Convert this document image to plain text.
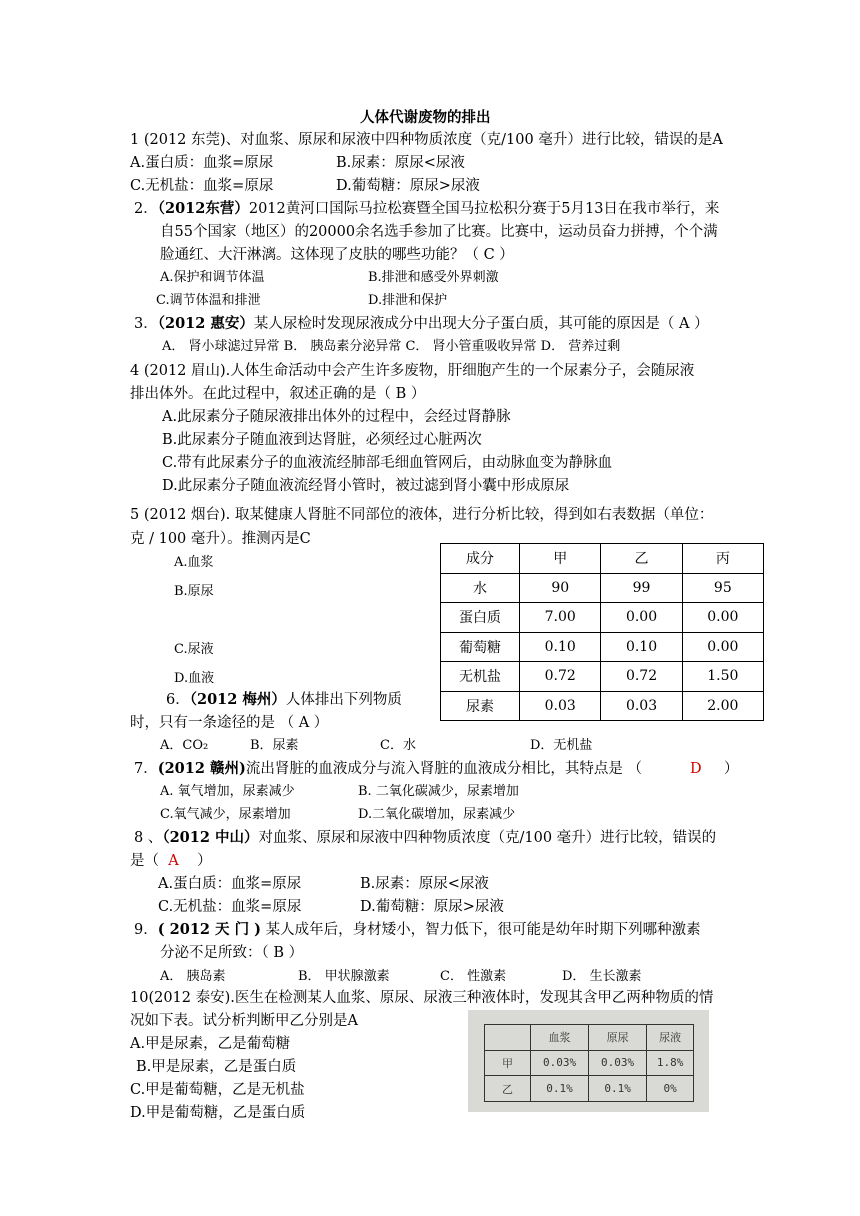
人体代谢废物的排出
1 (2012 东莞)、对血浆、原尿和尿液中四种物质浓度（克/100 毫升）进行比较，错误的是A
A.蛋白质：血浆=原尿	B.尿素：原尿<尿液
C.无机盐：血浆=原尿	D.葡萄糖：原尿>尿液
2．（2012东营）2012黄河口国际马拉松赛暨全国马拉松积分赛于5月13日在我市举行，来
自55个国家（地区）的20000余名选手参加了比赛。比赛中，运动员奋力拼搏，个个满
脸通红、大汗淋漓。这体现了皮肤的哪些功能？（ C ）
A.保护和调节体温	B.排泄和感受外界刺激
C.调节体温和排泄	D.排泄和保护
3．（2012 惠安）某人尿检时发现尿液成分中出现大分子蛋白质，其可能的原因是（ A ）
A． 肾小球滤过异常 B． 胰岛素分泌异常 C． 肾小管重吸收异常 D． 营养过剩
4 (2012 眉山).人体生命活动中会产生许多废物，肝细胞产生的一个尿素分子，会随尿液
排出体外。在此过程中，叙述正确的是（ B ）
A.此尿素分子随尿液排出体外的过程中，会经过肾静脉
B.此尿素分子随血液到达肾脏，必须经过心脏两次
C.带有此尿素分子的血液流经肺部毛细血管网后，由动脉血变为静脉血
D.此尿素分子随血液流经肾小管时，被过滤到肾小囊中形成原尿
5 (2012 烟台). 取某健康人肾脏不同部位的液体，进行分析比较，得到如右表数据（单位：
克 / 100 毫升）。推测丙是C
A.血浆
B.原尿
C.尿液
D.血液
成分	甲	乙	丙
水	90	99	95
蛋白质	7.00	0.00	0.00
葡萄糖	0.10	0.10	0.00
无机盐	0.72	0.72	1.50
尿素	0.03	0.03	2.00
6．（2012 梅州）人体排出下列物质
时，只有一条途径的是 （ A ）
A．CO₂	B．尿素	C．水	D．无机盐
7．(2012 赣州)流出肾脏的血液成分与流入肾脏的血液成分相比，其特点是 （	D ）
A. 氧气增加，尿素减少	B. 二氧化碳减少，尿素增加
C.氧气减少，尿素增加	D.二氧化碳增加，尿素减少
8 、（2012 中山）对血浆、原尿和尿液中四种物质浓度（克/100 毫升）进行比较，错误的
是（ A ）
A.蛋白质：血浆=原尿	B.尿素：原尿<尿液
C.无机盐：血浆=原尿	D.葡萄糖：原尿>尿液
9．( 2012 天 门 ) 某人成年后，身材矮小，智力低下，很可能是幼年时期下列哪种激素
分泌不足所致：（ B ）
A． 胰岛素	B． 甲状腺激素	C． 性激素	D． 生长激素
10(2012 泰安).医生在检测某人血浆、原尿、尿液三种液体时，发现其含甲乙两种物质的情
况如下表。试分析判断甲乙分别是A
A.甲是尿素，乙是葡萄糖
B.甲是尿素，乙是蛋白质
C.甲是葡萄糖，乙是无机盐
D.甲是葡萄糖，乙是蛋白质
	血浆	原尿	尿液
甲	0.03%	0.03%	1.8%
乙	0.1%	0.1%	0%
